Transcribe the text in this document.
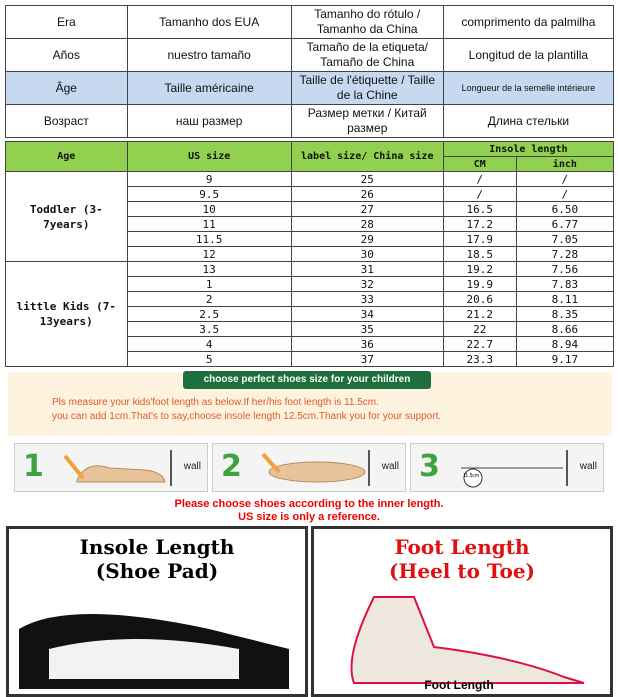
Era	Tamanho dos EUA	Tamanho do rótulo / Tamanho da China	comprimento da palmilha
Años	nuestro tamaño	Tamaño de la etiqueta/ Tamaño de China	Longitud de la plantilla
Âge	Taille américaine	Taille de l'étiquette / Taille de la Chine	Longueur de la semelle intérieure
Возраст	наш размер	Размер метки / Китай размер	Длина стельки
Age	US size	label size/ China size	Insole length	
			CM	inch
Toddler (3-7years)	9	25	/	/
	9.5	26	/	/
	10	27	16.5	6.50
	11	28	17.2	6.77
	11.5	29	17.9	7.05
	12	30	18.5	7.28
little Kids (7-13years)	13	31	19.2	7.56
	1	32	19.9	7.83
	2	33	20.6	8.11
	2.5	34	21.2	8.35
	3.5	35	22	8.66
	4	36	22.7	8.94
	5	37	23.3	9.17
choose perfect shoes size for your children
Pls measure your kids'foot length as below.If her/his foot length is 11.5cm.
you can add 1cm.That's to say,choose insole length 12.5cm.Thank you for your support.
1	wall 2	wall 3	11.5cm
wall
Please choose shoes according to the inner length.
US size is only a reference.
Insole Length
(Shoe Pad)
Foot Length
(Heel to Toe)
Foot Length
